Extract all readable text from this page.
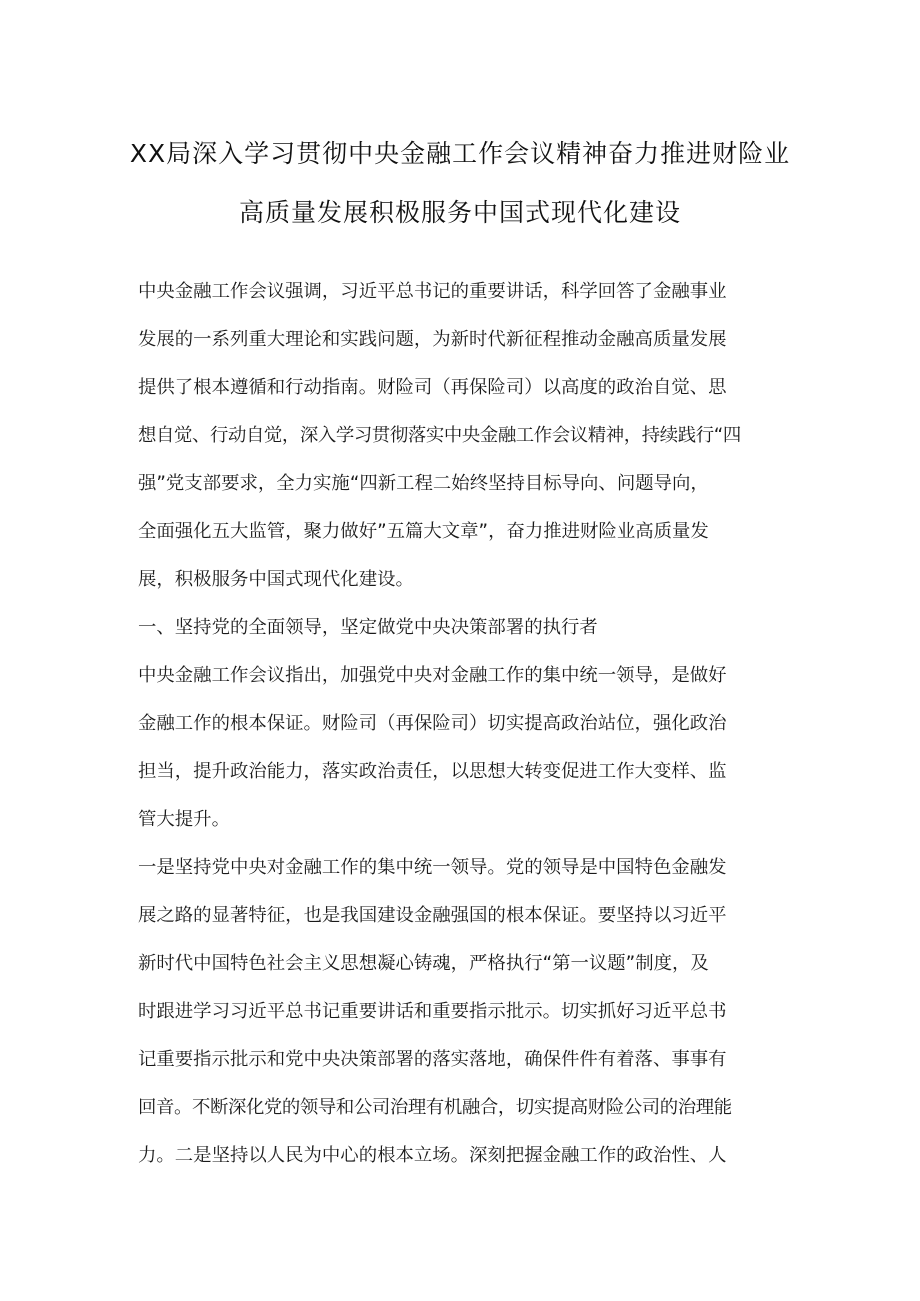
XX局深入学习贯彻中央金融工作会议精神奋力推进财险业
高质量发展积极服务中国式现代化建设
中央金融工作会议强调，习近平总书记的重要讲话，科学回答了金融事业
发展的一系列重大理论和实践问题，为新时代新征程推动金融高质量发展
提供了根本遵循和行动指南。财险司（再保险司）以高度的政治自觉、思
想自觉、行动自觉，深入学习贯彻落实中央金融工作会议精神，持续践行“四
强”党支部要求，全力实施“四新工程二始终坚持目标导向、问题导向，
全面强化五大监管，聚力做好”五篇大文章”，奋力推进财险业高质量发
展，积极服务中国式现代化建设。
一、坚持党的全面领导，坚定做党中央决策部署的执行者
中央金融工作会议指出，加强党中央对金融工作的集中统一领导，是做好
金融工作的根本保证。财险司（再保险司）切实提高政治站位，强化政治
担当，提升政治能力，落实政治责任，以思想大转变促进工作大变样、监
管大提升。
一是坚持党中央对金融工作的集中统一领导。党的领导是中国特色金融发
展之路的显著特征，也是我国建设金融强国的根本保证。要坚持以习近平
新时代中国特色社会主义思想凝心铸魂，严格执行“第一议题”制度，及
时跟进学习习近平总书记重要讲话和重要指示批示。切实抓好习近平总书
记重要指示批示和党中央决策部署的落实落地，确保件件有着落、事事有
回音。不断深化党的领导和公司治理有机融合，切实提高财险公司的治理能
力。二是坚持以人民为中心的根本立场。深刻把握金融工作的政治性、人
